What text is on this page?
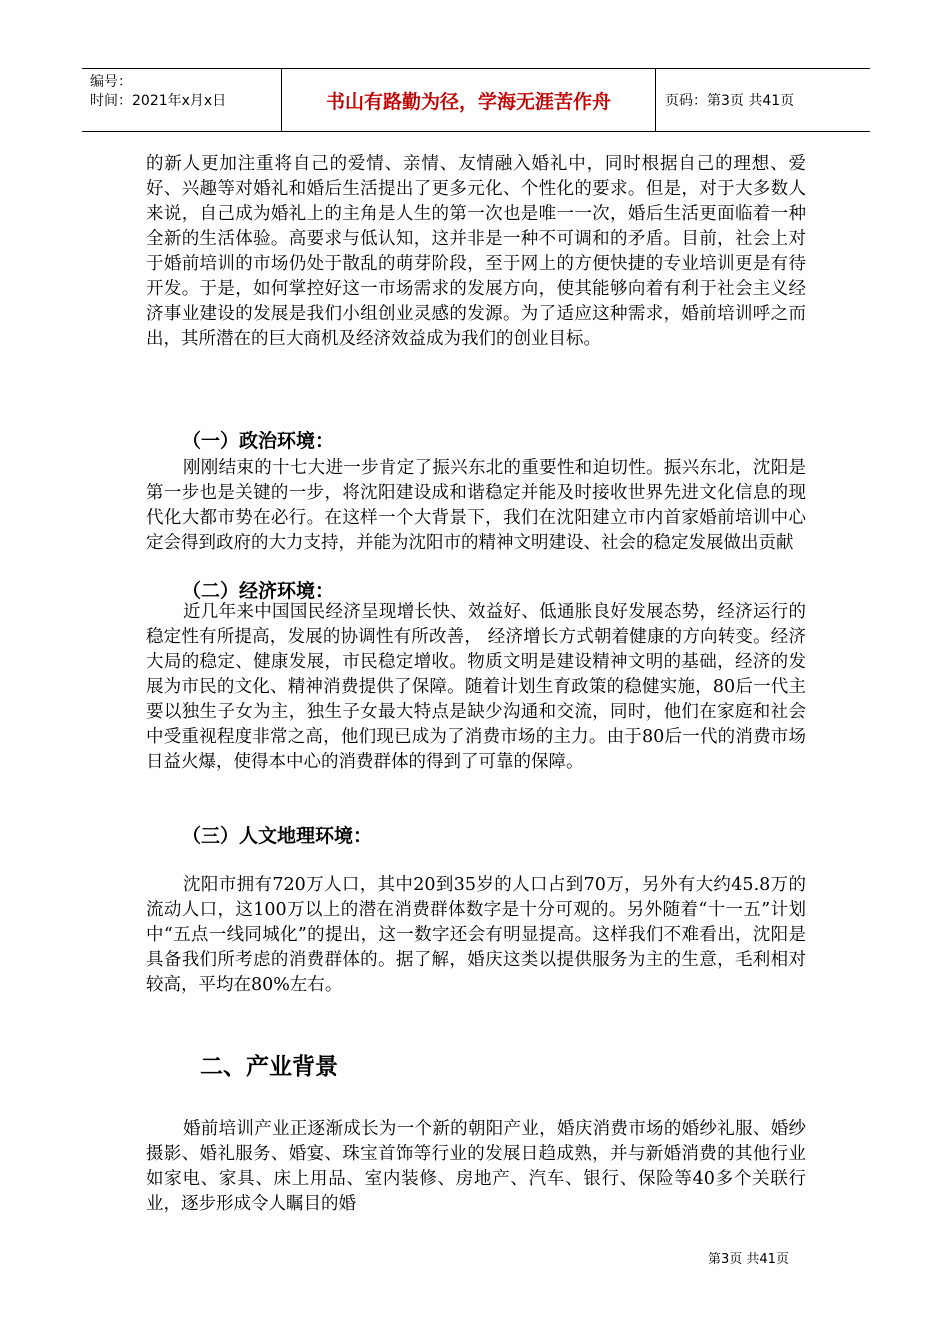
编号：
时间：2021年x月x日	书山有路勤为径，学海无涯苦作舟	页码：第3页 共41页

的新人更加注重将自己的爱情、亲情、友情融入婚礼中，同时根据自己的理想、爱好、兴趣等对婚礼和婚后生活提出了更多元化、个性化的要求。但是，对于大多数人来说，自己成为婚礼上的主角是人生的第一次也是唯一一次，婚后生活更面临着一种全新的生活体验。高要求与低认知，这并非是一种不可调和的矛盾。目前，社会上对于婚前培训的市场仍处于散乱的萌芽阶段，至于网上的方便快捷的专业培训更是有待开发。于是，如何掌控好这一市场需求的发展方向，使其能够向着有利于社会主义经济事业建设的发展是我们小组创业灵感的发源。为了适应这种需求，婚前培训呼之而出，其所潜在的巨大商机及经济效益成为我们的创业目标。

（一）政治环境：

刚刚结束的十七大进一步肯定了振兴东北的重要性和迫切性。振兴东北，沈阳是第一步也是关键的一步，将沈阳建设成和谐稳定并能及时接收世界先进文化信息的现代化大都市势在必行。在这样一个大背景下，我们在沈阳建立市内首家婚前培训中心定会得到政府的大力支持，并能为沈阳市的精神文明建设、社会的稳定发展做出贡献

（二）经济环境：

近几年来中国国民经济呈现增长快、效益好、低通胀良好发展态势，经济运行的稳定性有所提高，发展的协调性有所改善， 经济增长方式朝着健康的方向转变。经济大局的稳定、健康发展，市民稳定增收。物质文明是建设精神文明的基础，经济的发展为市民的文化、精神消费提供了保障。随着计划生育政策的稳健实施，80后一代主要以独生子女为主，独生子女最大特点是缺少沟通和交流，同时，他们在家庭和社会中受重视程度非常之高，他们现已成为了消费市场的主力。由于80后一代的消费市场日益火爆，使得本中心的消费群体的得到了可靠的保障。

（三）人文地理环境：

沈阳市拥有720万人口，其中20到35岁的人口占到70万，另外有大约45.8万的流动人口，这100万以上的潜在消费群体数字是十分可观的。另外随着“十一五”计划中“五点一线同城化”的提出，这一数字还会有明显提高。这样我们不难看出，沈阳是具备我们所考虑的消费群体的。据了解，婚庆这类以提供服务为主的生意，毛利相对较高，平均在80%左右。

二、产业背景

婚前培训产业正逐渐成长为一个新的朝阳产业，婚庆消费市场的婚纱礼服、婚纱摄影、婚礼服务、婚宴、珠宝首饰等行业的发展日趋成熟，并与新婚消费的其他行业如家电、家具、床上用品、室内装修、房地产、汽车、银行、保险等40多个关联行业，逐步形成令人瞩目的婚

第3页 共41页
